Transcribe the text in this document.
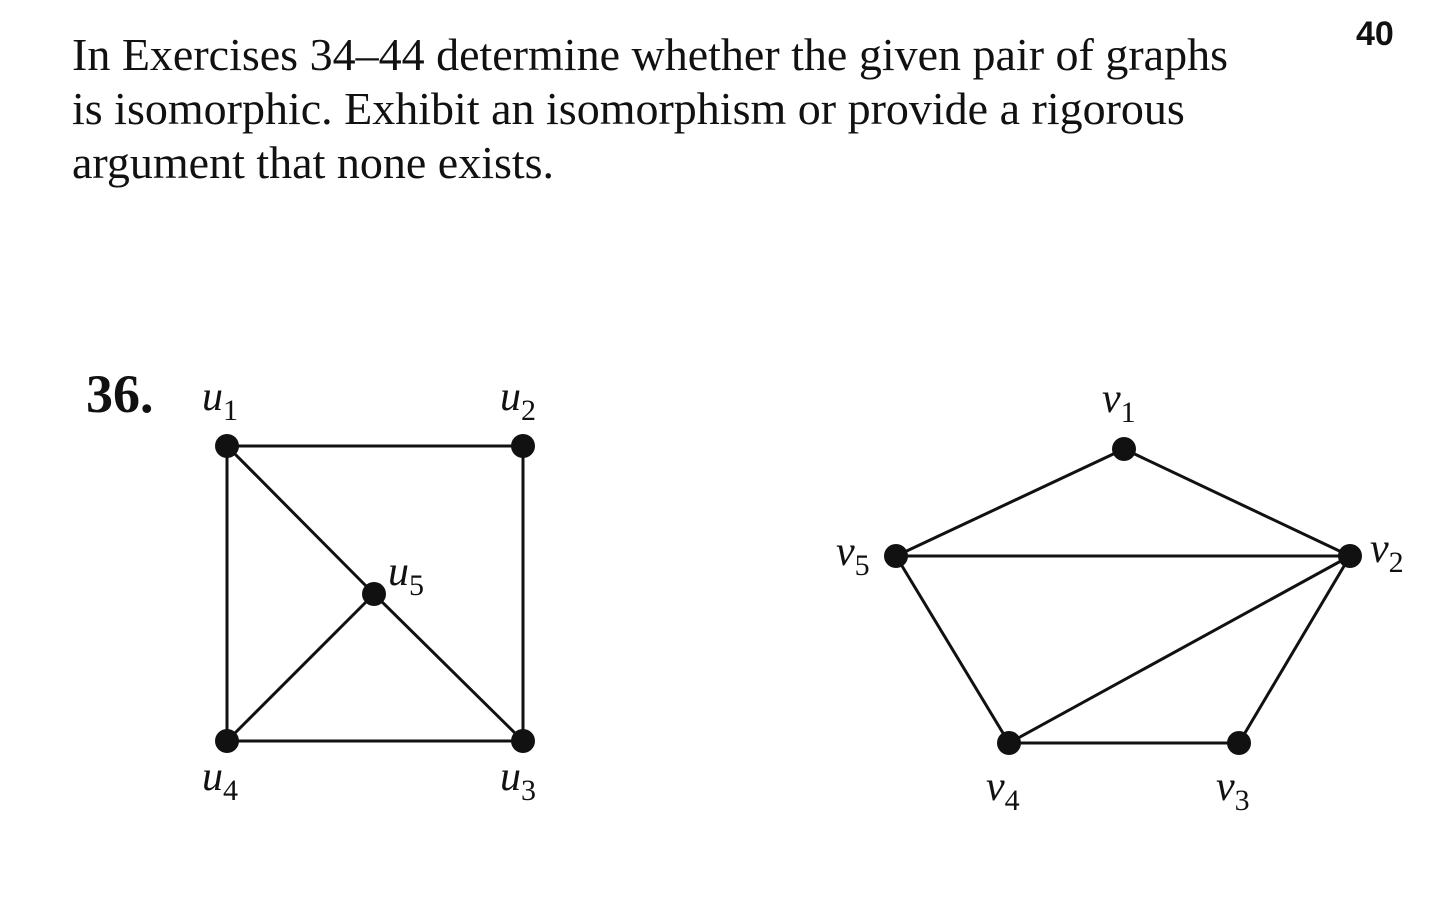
40

In Exercises 34–44 determine whether the given pair of graphs
is isomorphic. Exhibit an isomorphism or provide a rigorous
argument that none exists.

36. $u_1$	$u_2$
$u_3$
$u_4$
$u_5$
$v_1$
$v_2$
$v_3$
$v_4$
$v_5$
